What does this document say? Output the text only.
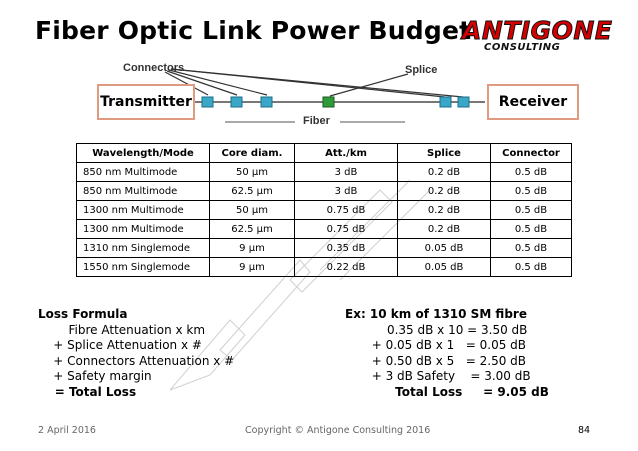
Fiber Optic Link Power Budget
ANTIGONE
CONSULTING
Connectors	Splice
Transmitter	Receiver
Fiber
Wavelength/Mode	Core diam.	Att./km	Splice	Connector
850 nm Multimode	50 µm	3 dB	0.2 dB	0.5 dB
850 nm Multimode	62.5 µm	3 dB	0.2 dB	0.5 dB
1300 nm Multimode	50 µm	0.75 dB	0.2 dB	0.5 dB
1300 nm Multimode	62.5 µm	0.75 dB	0.2 dB	0.5 dB
1310 nm Singlemode	9 µm	0.35 dB	0.05 dB	0.5 dB
1550 nm Singlemode	9 µm	0.22 dB	0.05 dB	0.5 dB
Loss Formula
Fibre Attenuation x km
+ Splice Attenuation x #
+ Connectors Attenuation x #
+ Safety margin
= Total Loss
Ex: 10 km of 1310 SM fibre
0.35 dB x 10 = 3.50 dB
+ 0.05 dB x 1   = 0.05 dB
+ 0.50 dB x 5   = 2.50 dB
+ 3 dB Safety    = 3.00 dB
Total Loss     = 9.05 dB
2 April 2016	Copyright © Antigone Consulting 2016	84
